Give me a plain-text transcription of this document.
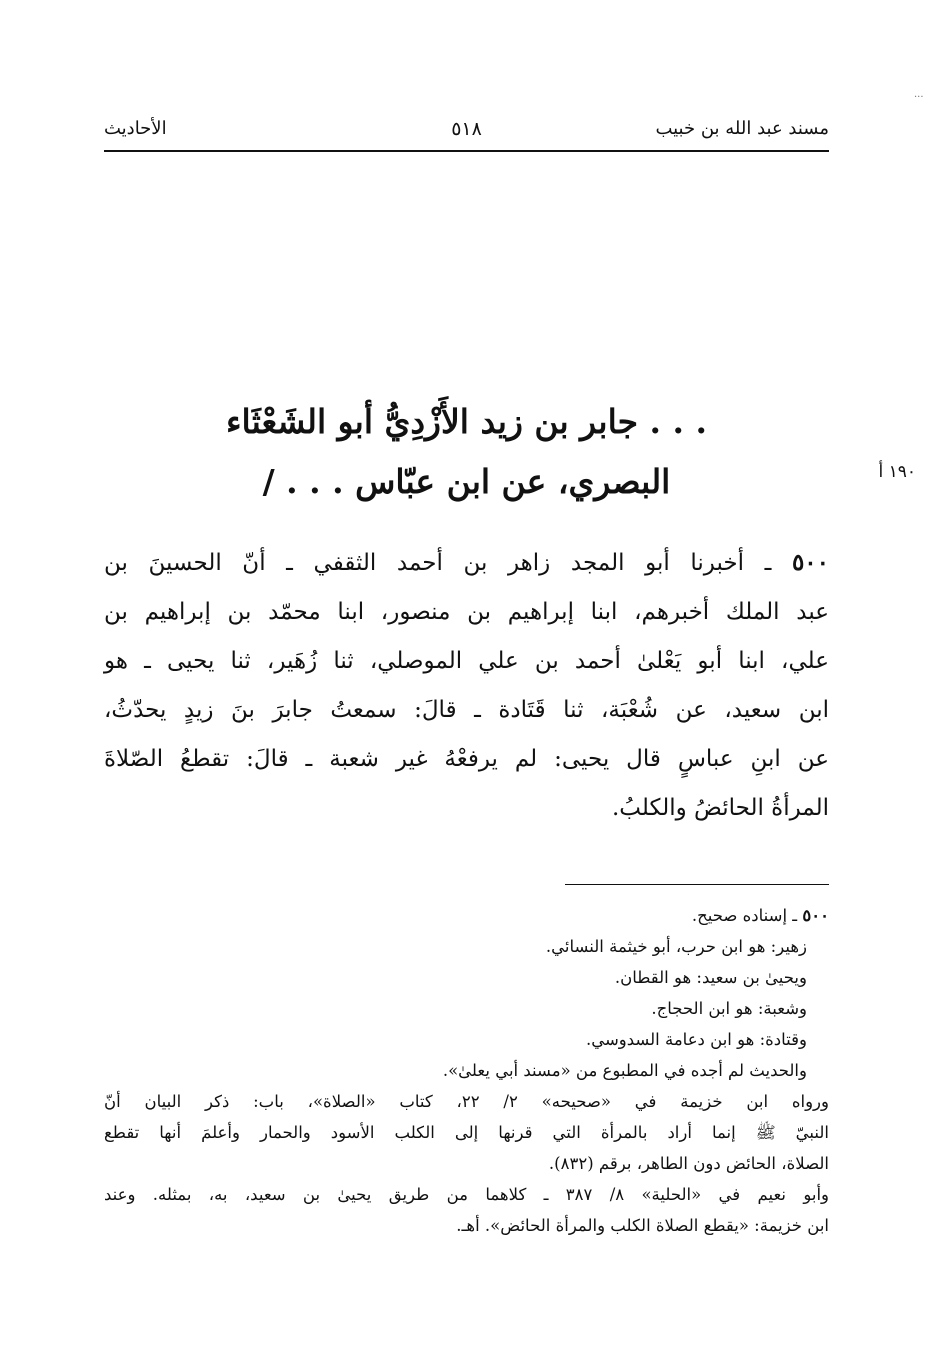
···
مسند عبد الله بن خبيب
٥١٨
الأحاديث
. . . جابر بن زيد الأَزْدِيُّ أبو الشَعْثَاء
البصري، عن ابن عبّاس . . . /	١٩٠ أ
٥٠٠ ـ أخبرنا أبو المجد زاهر بن أحمد الثقفي ـ أنّ الحسينَ بن
عبد الملك أخبرهم، ابنا إبراهيم بن منصور، ابنا محمّد بن إبراهيم بن
علي، ابنا أبو يَعْلىٰ أحمد بن علي الموصلي، ثنا زُهَير، ثنا يحيى ـ هو
ابن سعيد، عن شُعْبَة، ثنا قَتَادة ـ قالَ: سمعتُ جابرَ بنَ زيدٍ يحدّثُ،
عن ابنِ عباسٍ قال يحيى: لم يرفعْهُ غير شعبة ـ قالَ: تقطعُ الصّلاةَ
المرأةُ الحائضُ والكلبُ.
٥٠٠ ـ إسناده صحيح.
زهير: هو ابن حرب، أبو خيثمة النسائي.
ويحيىٰ بن سعيد: هو القطان.
وشعبة: هو ابن الحجاج.
وقتادة: هو ابن دعامة السدوسي.
والحديث لم أجده في المطبوع من «مسند أبي يعلىٰ».
ورواه ابن خزيمة في «صحيحه» ٢/ ٢٢، كتاب «الصلاة»، باب: ذكر البيان أنّ
النبيّ ﷺ إنما أراد بالمرأة التي قرنها إلى الكلب الأسود والحمار وأعلمَ أنها تقطع
الصلاة، الحائض دون الطاهر، برقم (٨٣٢).
وأبو نعيم في «الحلية» ٨/ ٣٨٧ ـ كلاهما من طريق يحيىٰ بن سعيد، به، بمثله. وعند
ابن خزيمة: «يقطع الصلاة الكلب والمرأة الحائض». أهـ.
